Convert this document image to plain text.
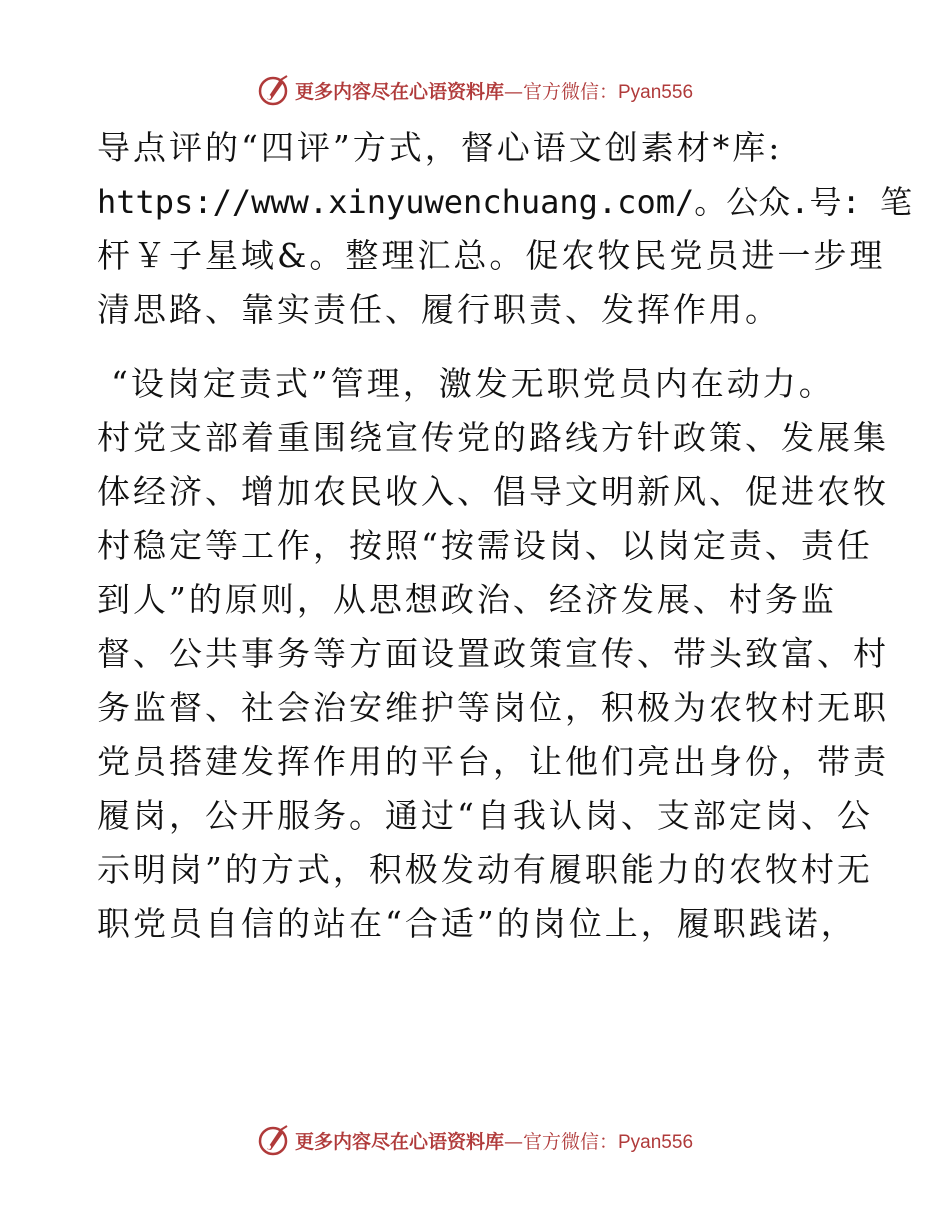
更多内容尽在心语资料库—官方微信：Pyan556
导点评的“四评”方式，督心语文创素材*库:
https://www.xinyuwenchuang.com/。公众.号: 笔
杆￥子星域&。整理汇总。促农牧民党员进一步理
清思路、靠实责任、履行职责、发挥作用。
“设岗定责式”管理，激发无职党员内在动力。
村党支部着重围绕宣传党的路线方针政策、发展集
体经济、增加农民收入、倡导文明新风、促进农牧
村稳定等工作，按照“按需设岗、以岗定责、责任
到人”的原则，从思想政治、经济发展、村务监
督、公共事务等方面设置政策宣传、带头致富、村
务监督、社会治安维护等岗位，积极为农牧村无职
党员搭建发挥作用的平台，让他们亮出身份，带责
履岗，公开服务。通过“自我认岗、支部定岗、公
示明岗”的方式，积极发动有履职能力的农牧村无
职党员自信的站在“合适”的岗位上，履职践诺，
更多内容尽在心语资料库—官方微信：Pyan556
